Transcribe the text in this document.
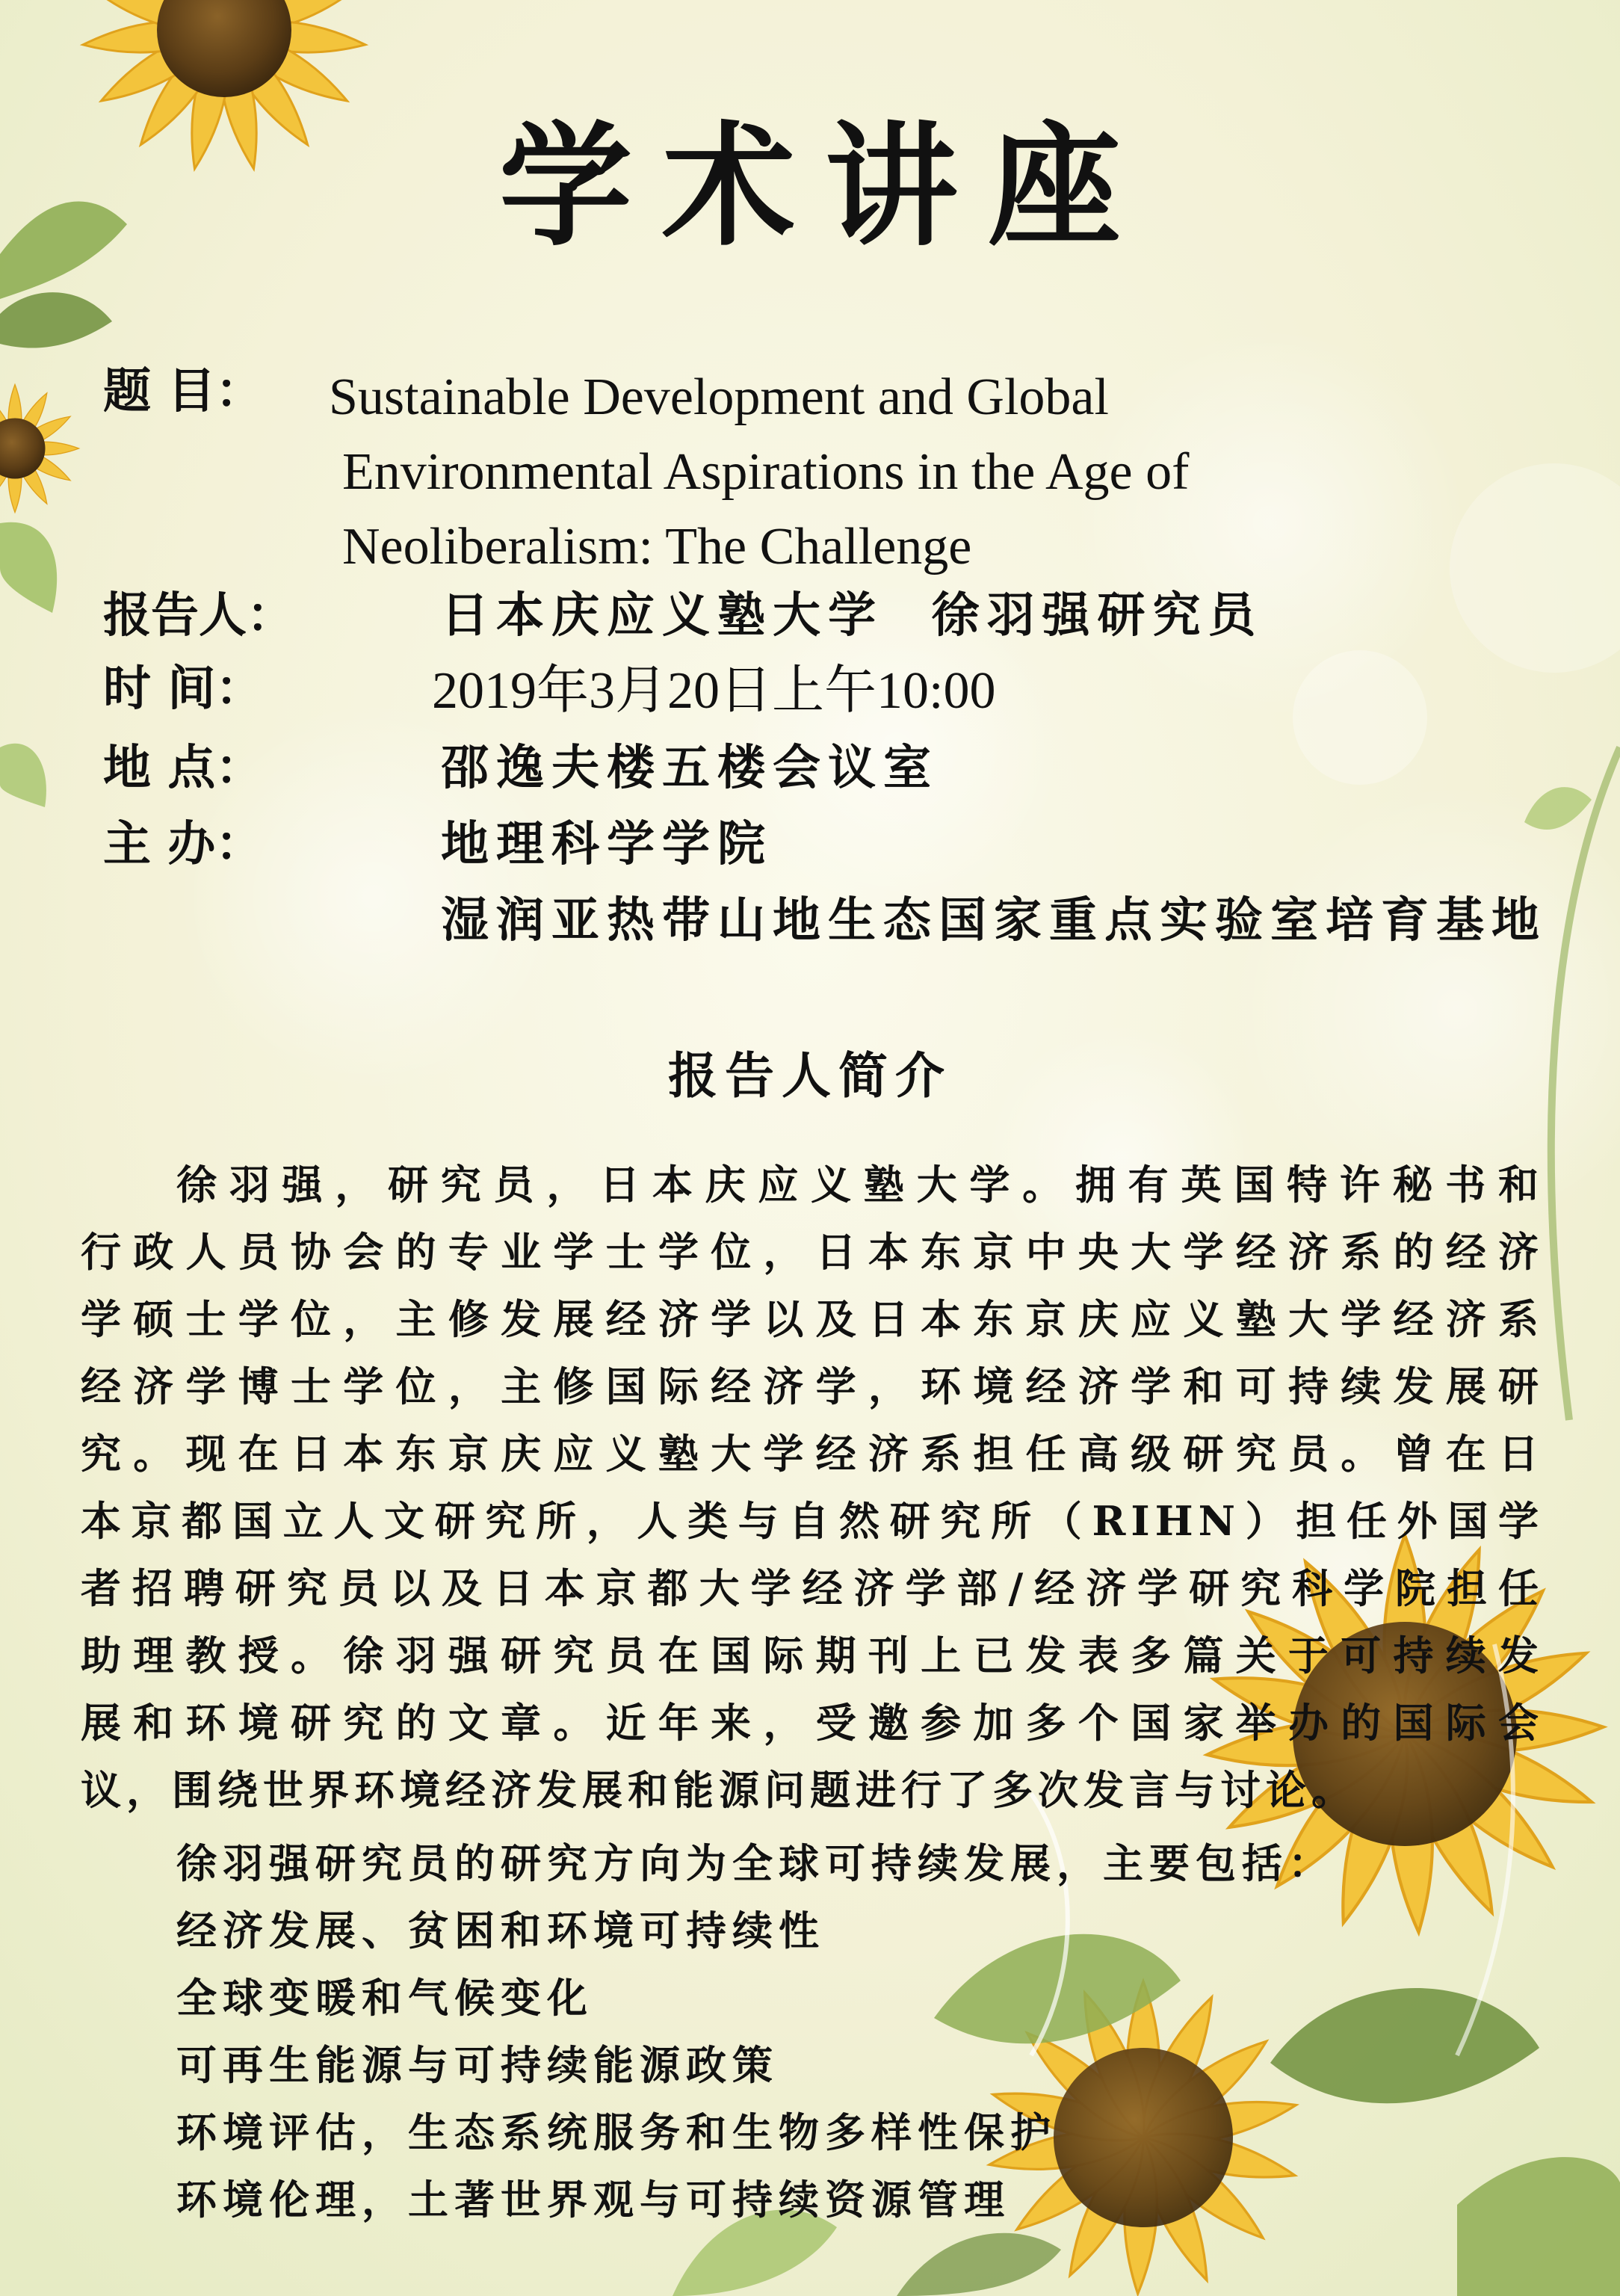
学术讲座
题 目：	Sustainable Development and Global
Environmental Aspirations in the Age of
Neoliberalism: The Challenge
报告人：	日本庆应义塾大学  徐羽强研究员
时 间：	2019年3月20日上午10:00
地 点：	邵逸夫楼五楼会议室
主 办：	地理科学学院
湿润亚热带山地生态国家重点实验室培育基地
报告人简介
徐羽强，研究员，日本庆应义塾大学。拥有英国特许秘书和
行政人员协会的专业学士学位，日本东京中央大学经济系的经济
学硕士学位，主修发展经济学以及日本东京庆应义塾大学经济系
经济学博士学位，主修国际经济学，环境经济学和可持续发展研
究。现在日本东京庆应义塾大学经济系担任高级研究员。曾在日
本京都国立人文研究所，人类与自然研究所（RIHN）担任外国学
者招聘研究员以及日本京都大学经济学部/经济学研究科学院担任
助理教授。徐羽强研究员在国际期刊上已发表多篇关于可持续发
展和环境研究的文章。近年来，受邀参加多个国家举办的国际会
议，围绕世界环境经济发展和能源问题进行了多次发言与讨论。
徐羽强研究员的研究方向为全球可持续发展，主要包括：
经济发展、贫困和环境可持续性
全球变暖和气候变化
可再生能源与可持续能源政策
环境评估，生态系统服务和生物多样性保护
环境伦理，土著世界观与可持续资源管理
